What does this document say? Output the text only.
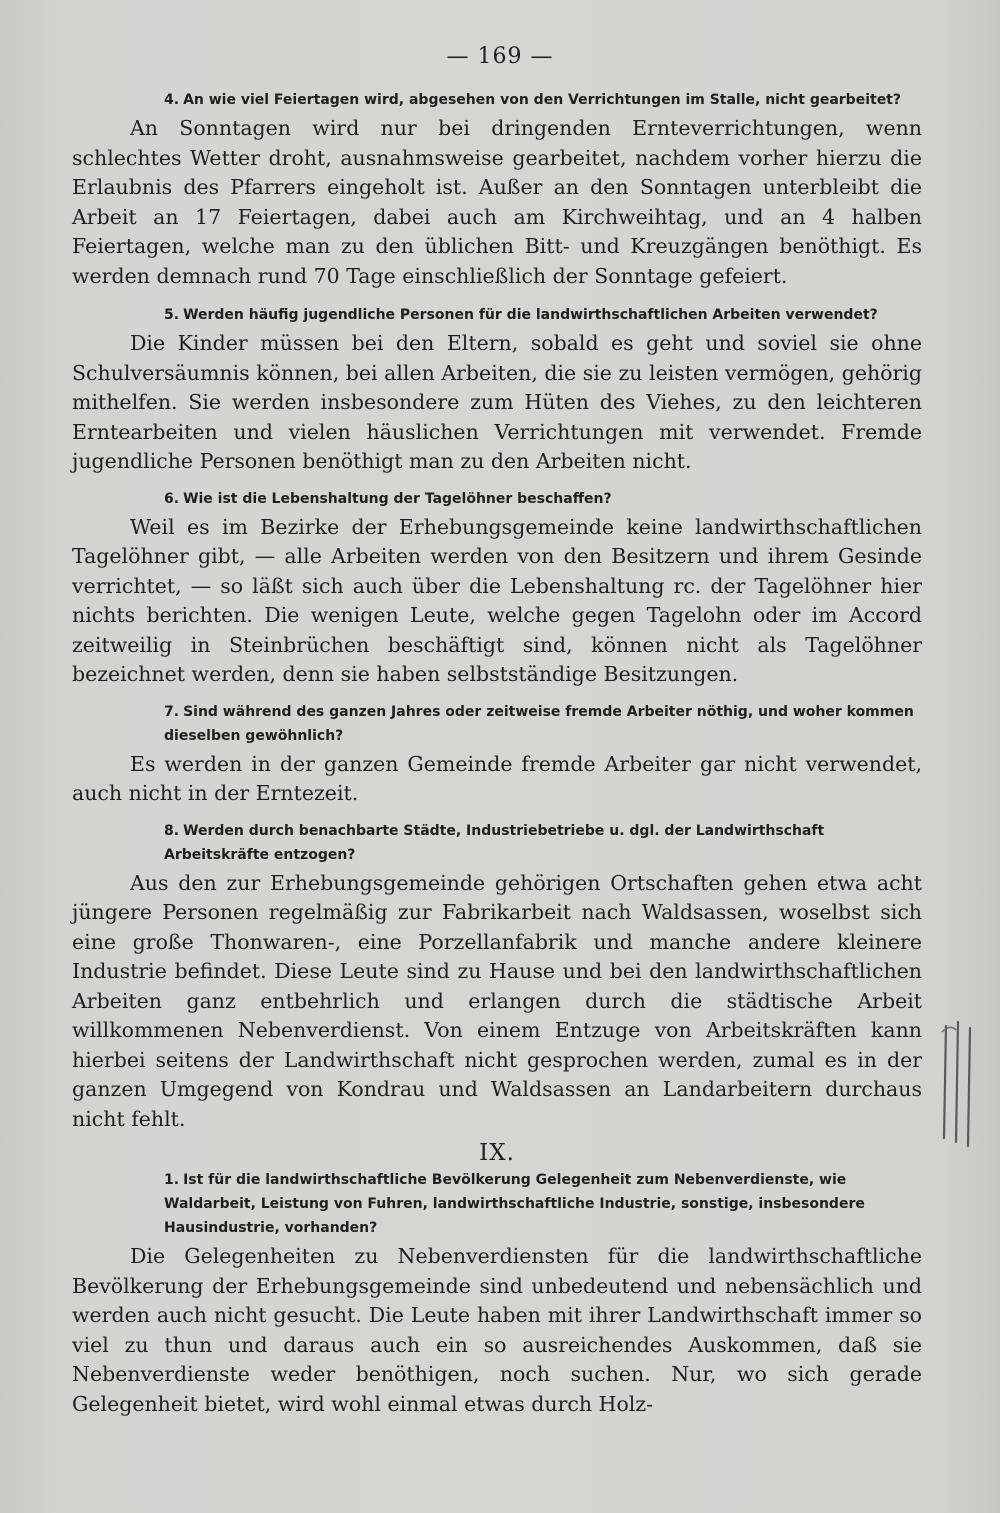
— 169 —

4. An wie viel Feiertagen wird, abgesehen von den Verrichtungen im Stalle, nicht gearbeitet?

An Sonntagen wird nur bei dringenden Ernteverrichtungen, wenn schlechtes Wetter droht, ausnahmsweise gearbeitet, nachdem vorher hierzu die Erlaubnis des Pfarrers eingeholt ist. Außer an den Sonntagen unterbleibt die Arbeit an 17 Feiertagen, dabei auch am Kirchweihtag, und an 4 halben Feiertagen, welche man zu den üblichen Bitt- und Kreuzgängen benöthigt. Es werden demnach rund 70 Tage einschließlich der Sonntage gefeiert.

5. Werden häufig jugendliche Personen für die landwirthschaftlichen Arbeiten verwendet?

Die Kinder müssen bei den Eltern, sobald es geht und soviel sie ohne Schulversäumnis können, bei allen Arbeiten, die sie zu leisten vermögen, gehörig mithelfen. Sie werden insbesondere zum Hüten des Viehes, zu den leichteren Erntearbeiten und vielen häuslichen Verrichtungen mit verwendet. Fremde jugendliche Personen benöthigt man zu den Arbeiten nicht.

6. Wie ist die Lebenshaltung der Tagelöhner beschaffen?

Weil es im Bezirke der Erhebungsgemeinde keine landwirthschaftlichen Tagelöhner gibt, — alle Arbeiten werden von den Besitzern und ihrem Gesinde verrichtet, — so läßt sich auch über die Lebenshaltung rc. der Tagelöhner hier nichts berichten. Die wenigen Leute, welche gegen Tagelohn oder im Accord zeitweilig in Steinbrüchen beschäftigt sind, können nicht als Tagelöhner bezeichnet werden, denn sie haben selbstständige Besitzungen.

7. Sind während des ganzen Jahres oder zeitweise fremde Arbeiter nöthig, und woher kommen dieselben gewöhnlich?

Es werden in der ganzen Gemeinde fremde Arbeiter gar nicht verwendet, auch nicht in der Erntezeit.

8. Werden durch benachbarte Städte, Industriebetriebe u. dgl. der Landwirthschaft Arbeitskräfte entzogen?

Aus den zur Erhebungsgemeinde gehörigen Ortschaften gehen etwa acht jüngere Personen regelmäßig zur Fabrikarbeit nach Waldsassen, woselbst sich eine große Thonwaren-, eine Porzellanfabrik und manche andere kleinere Industrie befindet. Diese Leute sind zu Hause und bei den landwirthschaftlichen Arbeiten ganz entbehrlich und erlangen durch die städtische Arbeit willkommenen Nebenverdienst. Von einem Entzuge von Arbeitskräften kann hierbei seitens der Landwirthschaft nicht gesprochen werden, zumal es in der ganzen Umgegend von Kondrau und Waldsassen an Landarbeitern durchaus nicht fehlt.

IX.

1. Ist für die landwirthschaftliche Bevölkerung Gelegenheit zum Nebenverdienste, wie Waldarbeit, Leistung von Fuhren, landwirthschaftliche Industrie, sonstige, insbesondere Hausindustrie, vorhanden?

Die Gelegenheiten zu Nebenverdiensten für die landwirthschaftliche Bevölkerung der Erhebungsgemeinde sind unbedeutend und nebensächlich und werden auch nicht gesucht. Die Leute haben mit ihrer Landwirthschaft immer so viel zu thun und daraus auch ein so ausreichendes Auskommen, daß sie Nebenverdienste weder benöthigen, noch suchen. Nur, wo sich gerade Gelegenheit bietet, wird wohl einmal etwas durch Holz-
